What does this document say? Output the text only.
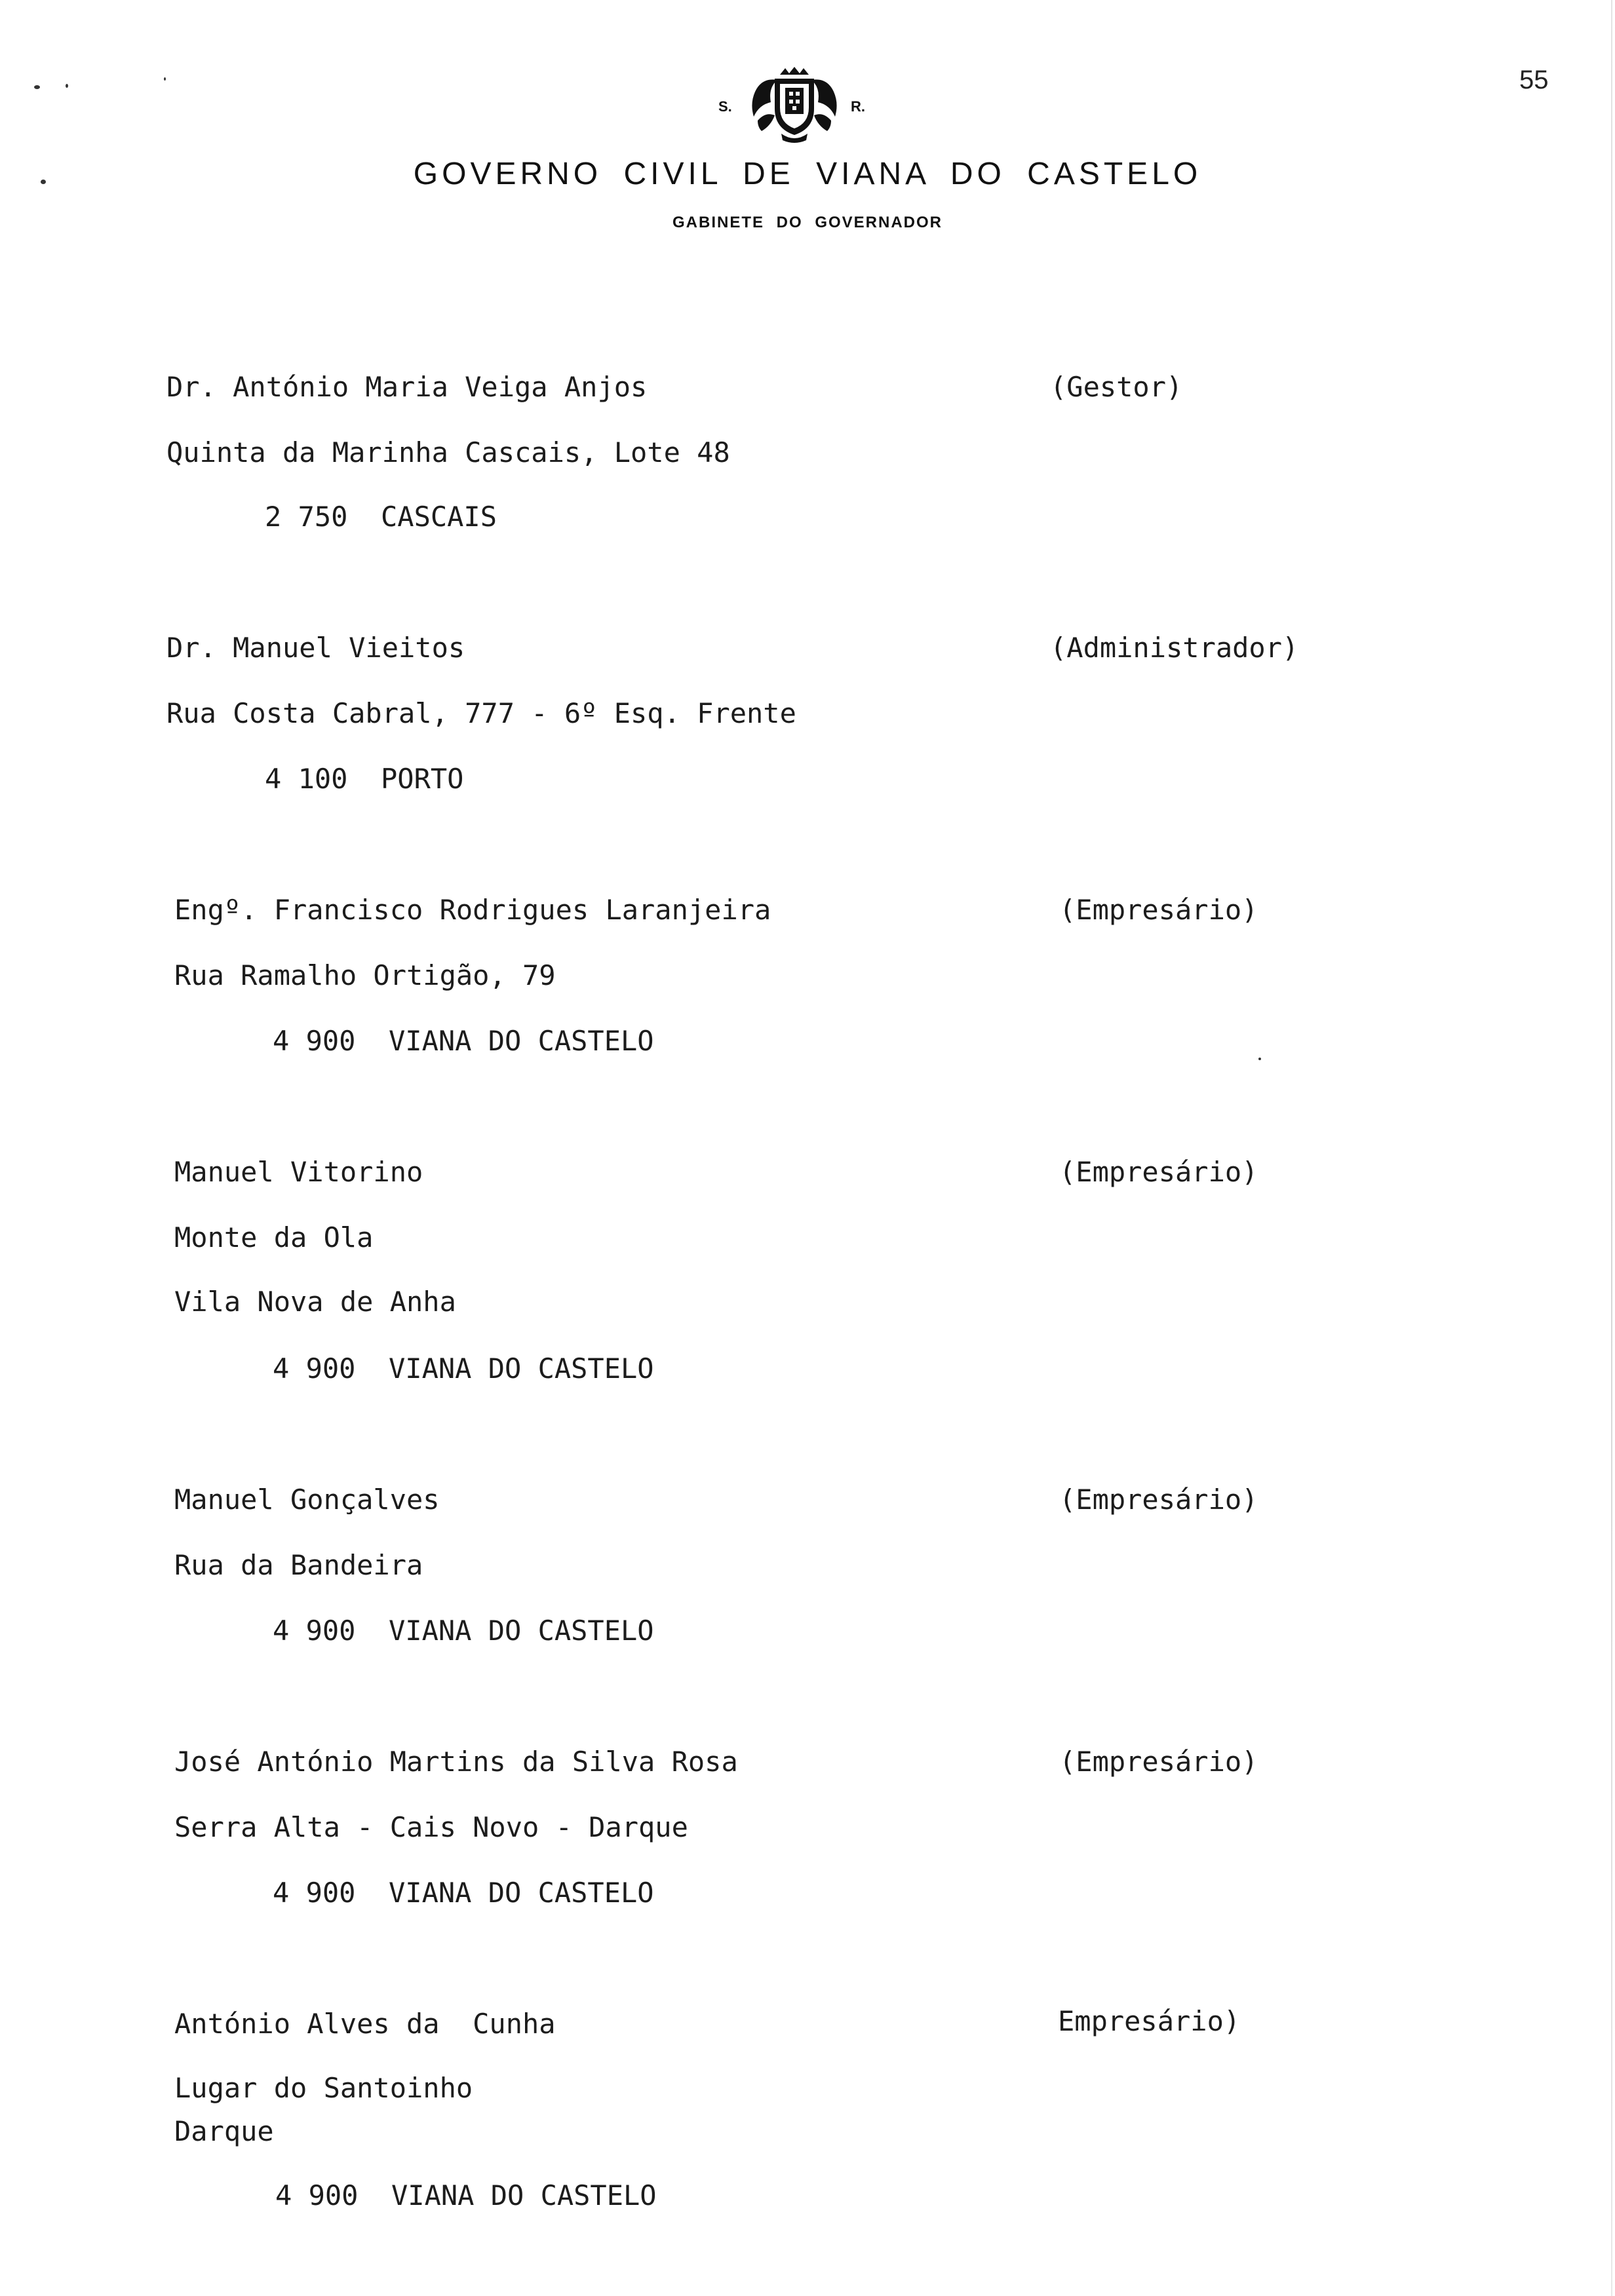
55
S.	R.
GOVERNO CIVIL DE VIANA DO CASTELO
GABINETE DO GOVERNADOR
Dr. António Maria Veiga Anjos	(Gestor)
Quinta da Marinha Cascais, Lote 48
2 750  CASCAIS
Dr. Manuel Vieitos	(Administrador)
Rua Costa Cabral, 777 - 6º Esq. Frente
4 100  PORTO
Engº. Francisco Rodrigues Laranjeira	(Empresário)
Rua Ramalho Ortigão, 79
4 900  VIANA DO CASTELO
Manuel Vitorino	(Empresário)
Monte da Ola
Vila Nova de Anha
4 900  VIANA DO CASTELO
Manuel Gonçalves	(Empresário)
Rua da Bandeira
4 900  VIANA DO CASTELO
José António Martins da Silva Rosa	(Empresário)
Serra Alta - Cais Novo - Darque
4 900  VIANA DO CASTELO
António Alves da  Cunha	Empresário)
Lugar do Santoinho
Darque
4 900  VIANA DO CASTELO
